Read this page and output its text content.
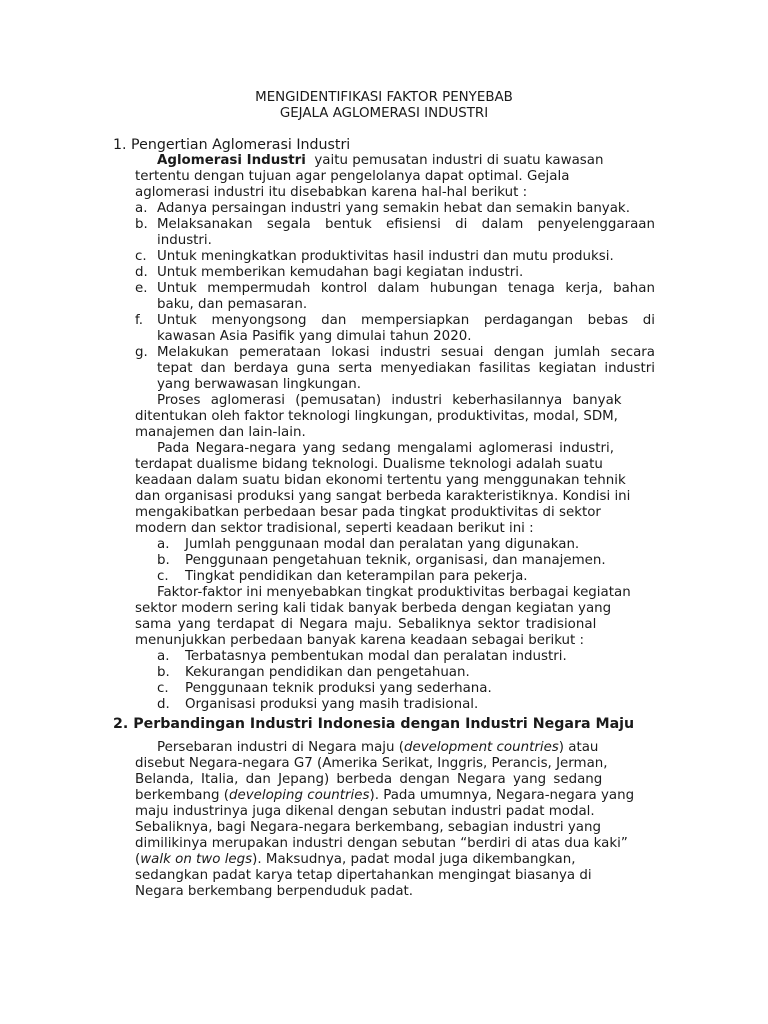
MENGIDENTIFIKASI FAKTOR PENYEBAB
GEJALA AGLOMERASI INDUSTRI
1. Pengertian Aglomerasi Industri
Aglomerasi Industri yaitu pemusatan industri di suatu kawasan
tertentu dengan tujuan agar pengelolanya dapat optimal. Gejala
aglomerasi industri itu disebabkan karena hal-hal berikut :
a. Adanya persaingan industri yang semakin hebat dan semakin banyak.
b. Melaksanakan segala bentuk efisiensi di dalam penyelenggaraan
industri.
c. Untuk meningkatkan produktivitas hasil industri dan mutu produksi.
d. Untuk memberikan kemudahan bagi kegiatan industri.
e. Untuk mempermudah kontrol dalam hubungan tenaga kerja, bahan
baku, dan pemasaran.
f. Untuk menyongsong dan mempersiapkan perdagangan bebas di
kawasan Asia Pasifik yang dimulai tahun 2020.
g. Melakukan pemerataan lokasi industri sesuai dengan jumlah secara
tepat dan berdaya guna serta menyediakan fasilitas kegiatan industri
yang berwawasan lingkungan.
Proses aglomerasi (pemusatan) industri keberhasilannya banyak
ditentukan oleh faktor teknologi lingkungan, produktivitas, modal, SDM,
manajemen dan lain-lain.
Pada Negara-negara yang sedang mengalami aglomerasi industri,
terdapat dualisme bidang teknologi. Dualisme teknologi adalah suatu
keadaan dalam suatu bidan ekonomi tertentu yang menggunakan tehnik
dan organisasi produksi yang sangat berbeda karakteristiknya. Kondisi ini
mengakibatkan perbedaan besar pada tingkat produktivitas di sektor
modern dan sektor tradisional, seperti keadaan berikut ini :
a. Jumlah penggunaan modal dan peralatan yang digunakan.
b. Penggunaan pengetahuan teknik, organisasi, dan manajemen.
c. Tingkat pendidikan dan keterampilan para pekerja.
Faktor-faktor ini menyebabkan tingkat produktivitas berbagai kegiatan
sektor modern sering kali tidak banyak berbeda dengan kegiatan yang
sama yang terdapat di Negara maju. Sebaliknya sektor tradisional
menunjukkan perbedaan banyak karena keadaan sebagai berikut :
a. Terbatasnya pembentukan modal dan peralatan industri.
b. Kekurangan pendidikan dan pengetahuan.
c. Penggunaan teknik produksi yang sederhana.
d. Organisasi produksi yang masih tradisional.
2. Perbandingan Industri Indonesia dengan Industri Negara Maju
Persebaran industri di Negara maju (development countries) atau
disebut Negara-negara G7 (Amerika Serikat, Inggris, Perancis, Jerman,
Belanda, Italia, dan Jepang) berbeda dengan Negara yang sedang
berkembang (developing countries). Pada umumnya, Negara-negara yang
maju industrinya juga dikenal dengan sebutan industri padat modal.
Sebaliknya, bagi Negara-negara berkembang, sebagian industri yang
dimilikinya merupakan industri dengan sebutan “berdiri di atas dua kaki”
(walk on two legs). Maksudnya, padat modal juga dikembangkan,
sedangkan padat karya tetap dipertahankan mengingat biasanya di
Negara berkembang berpenduduk padat.
